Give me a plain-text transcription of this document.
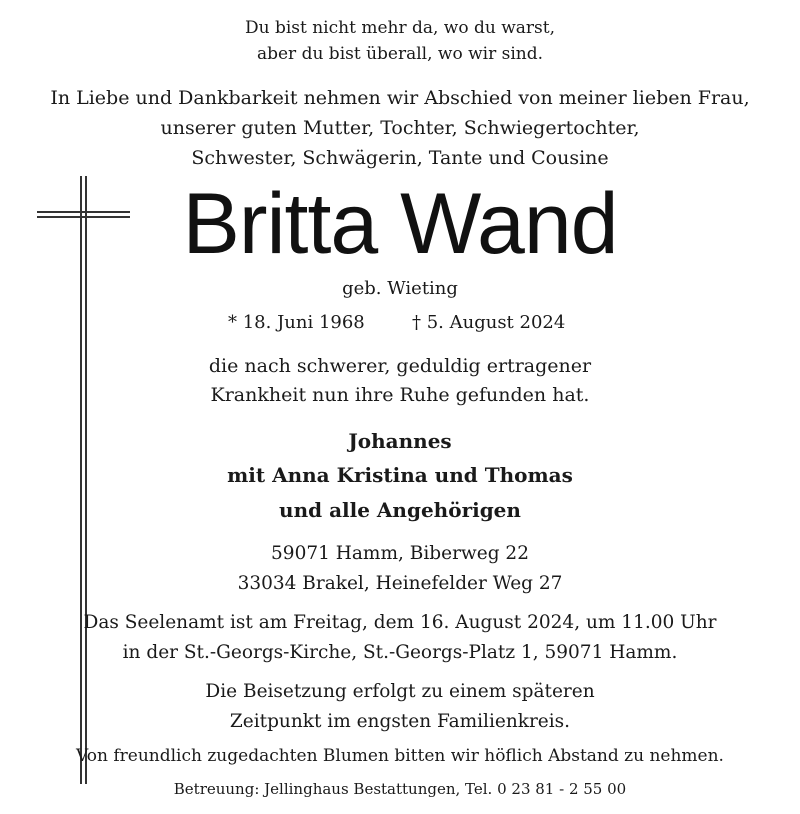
Du bist nicht mehr da, wo du warst,
aber du bist überall, wo wir sind.
In Liebe und Dankbarkeit nehmen wir Abschied von meiner lieben Frau,
unserer guten Mutter, Tochter, Schwiegertochter,
Schwester, Schwägerin, Tante und Cousine
Britta Wand
geb. Wieting
* 18. Juni 1968	† 5. August 2024
die nach schwerer, geduldig ertragener
Krankheit nun ihre Ruhe gefunden hat.
Johannes
mit Anna Kristina und Thomas
und alle Angehörigen
59071 Hamm, Biberweg 22
33034 Brakel, Heinefelder Weg 27
Das Seelenamt ist am Freitag, dem 16. August 2024, um 11.00 Uhr
in der St.-Georgs-Kirche, St.-Georgs-Platz 1, 59071 Hamm.
Die Beisetzung erfolgt zu einem späteren
Zeitpunkt im engsten Familienkreis.
Von freundlich zugedachten Blumen bitten wir höflich Abstand zu nehmen.
Betreuung: Jellinghaus Bestattungen, Tel. 0 23 81 - 2 55 00
